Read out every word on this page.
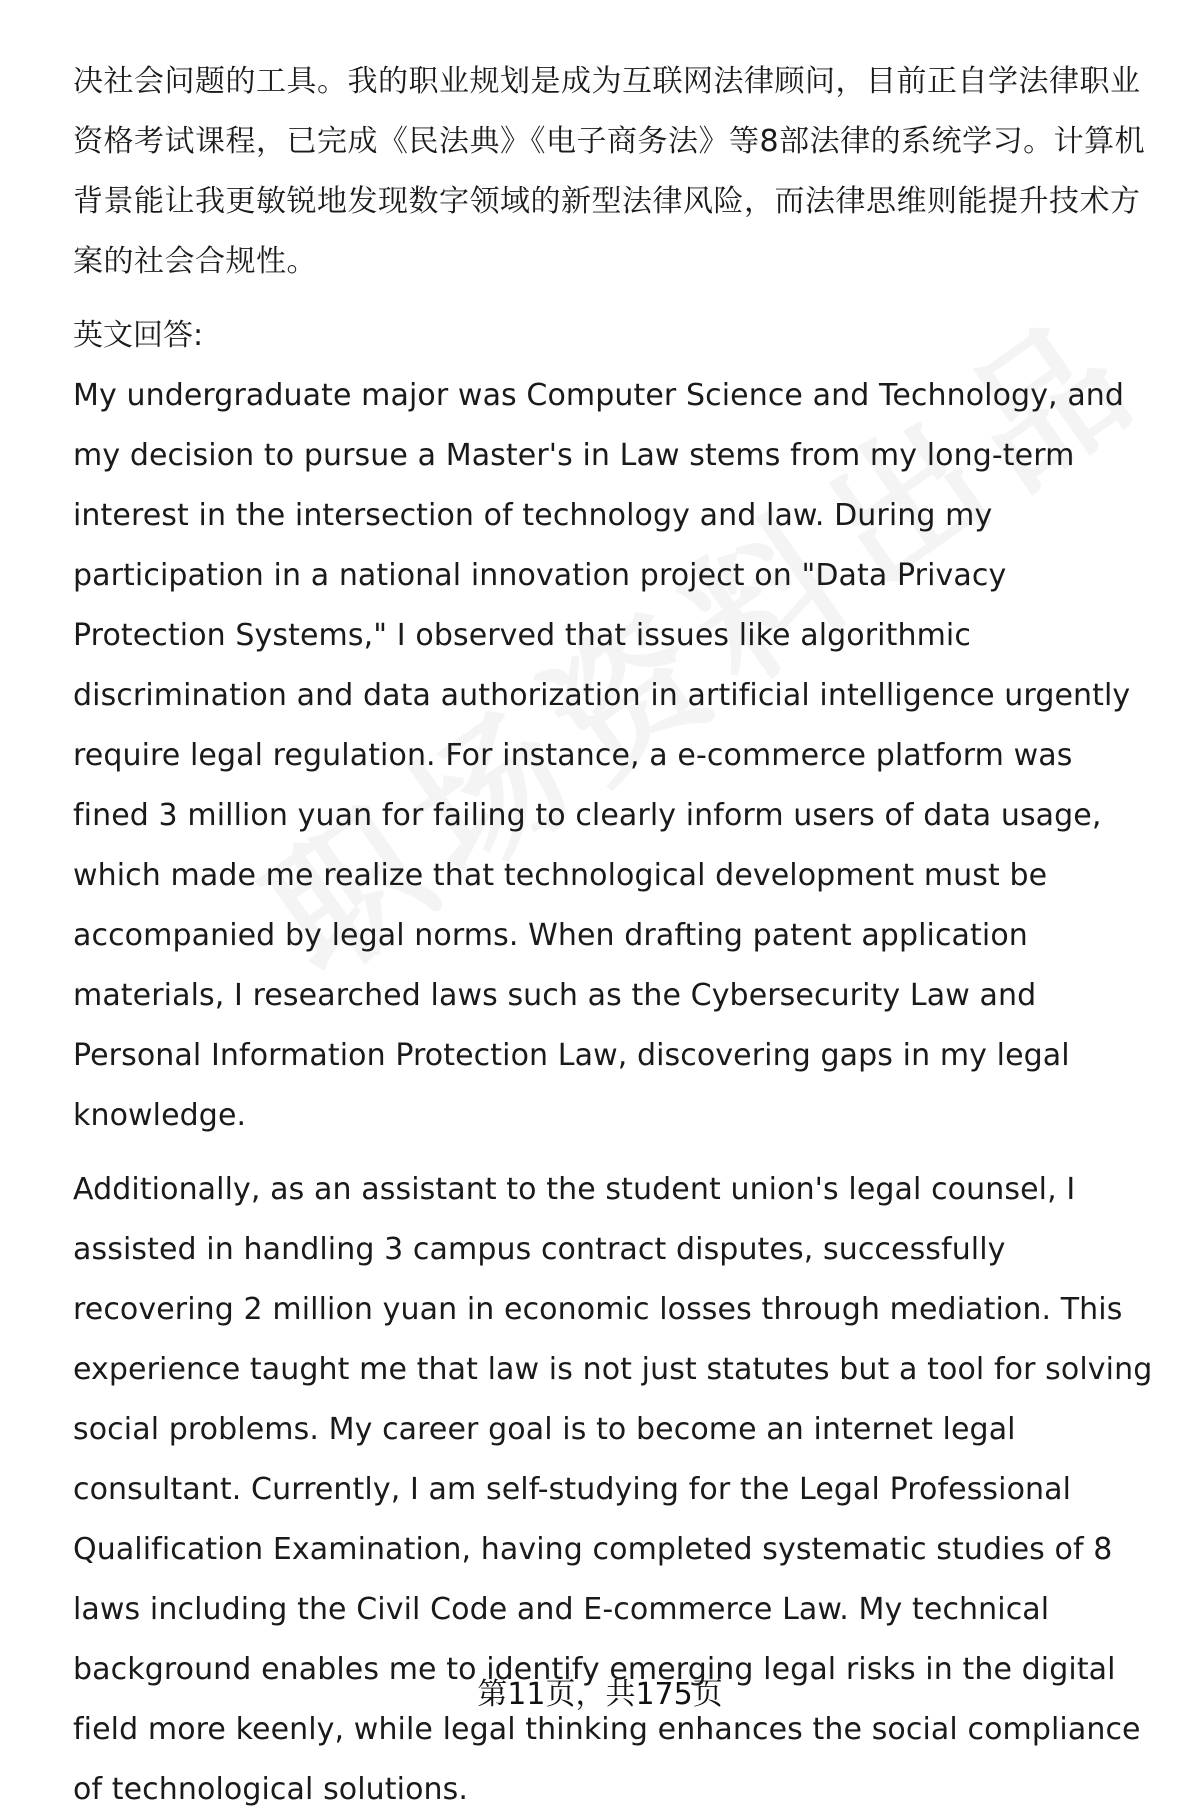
决社会问题的工具。我的职业规划是成为互联网法律顾问，目前正自学法律职业资格考试课程，已完成《民法典》《电子商务法》等8部法律的系统学习。计算机背景能让我更敏锐地发现数字领域的新型法律风险，而法律思维则能提升技术方案的社会合规性。

英文回答:

My undergraduate major was Computer Science and Technology, and my decision to pursue a Master's in Law stems from my long-term interest in the intersection of technology and law. During my participation in a national innovation project on "Data Privacy Protection Systems," I observed that issues like algorithmic discrimination and data authorization in artificial intelligence urgently require legal regulation. For instance, a e-commerce platform was fined 3 million yuan for failing to clearly inform users of data usage, which made me realize that technological development must be accompanied by legal norms. When drafting patent application materials, I researched laws such as the Cybersecurity Law and Personal Information Protection Law, discovering gaps in my legal knowledge.

Additionally, as an assistant to the student union's legal counsel, I assisted in handling 3 campus contract disputes, successfully recovering 2 million yuan in economic losses through mediation. This experience taught me that law is not just statutes but a tool for solving social problems. My career goal is to become an internet legal consultant. Currently, I am self-studying for the Legal Professional Qualification Examination, having completed systematic studies of 8 laws including the Civil Code and E-commerce Law. My technical background enables me to identify emerging legal risks in the digital field more keenly, while legal thinking enhances the social compliance of technological solutions.

第11页，共175页
